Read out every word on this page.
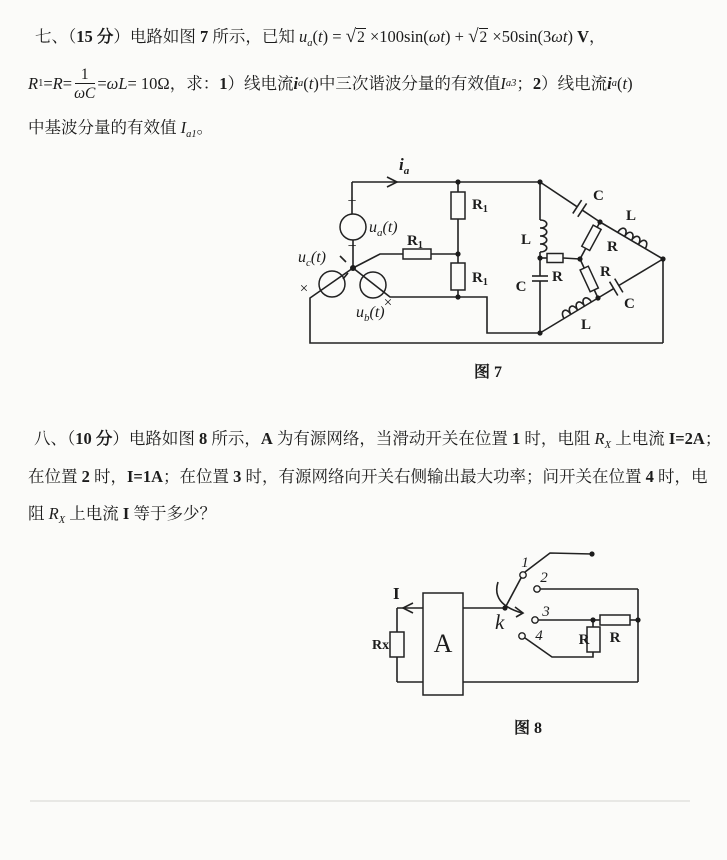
七、（15 分）电路如图 7 所示，已知 $u_a(t) = √2 \times 100\sin(\omega t) + √2 \times 50\sin(3\omega t)$ V，
R $1 = R = \frac{1}{\omega C} = \omega L = 10\Omega$，求： 1 ）线电流 i a ( t ) 中三次谐波分量的有效值 I a3 ； 2 ）线电流 i a ( t )
中基波分量的有效值 $I_{a1}$。
$i_a$
+
−
$u_a(t)$
$u_c(t)$
$u_b(t)$
×
×
$R_1$
$R_1$
$R_1$	L
C
C
L
R
R R
C
L
图 7
八、（10 分）电路如图 8 所示，A 为有源网络，当滑动开关在位置 1 时，电阻 $R_X$ 上电流 I=2A；
在位置 2 时，I=1A；在位置 3 时，有源网络向开关右侧输出最大功率；问开关在位置 4 时，电
阻 $R_X$ 上电流 I 等于多少？
I
Rx A
k
1
2
3
4 R R
图 8
